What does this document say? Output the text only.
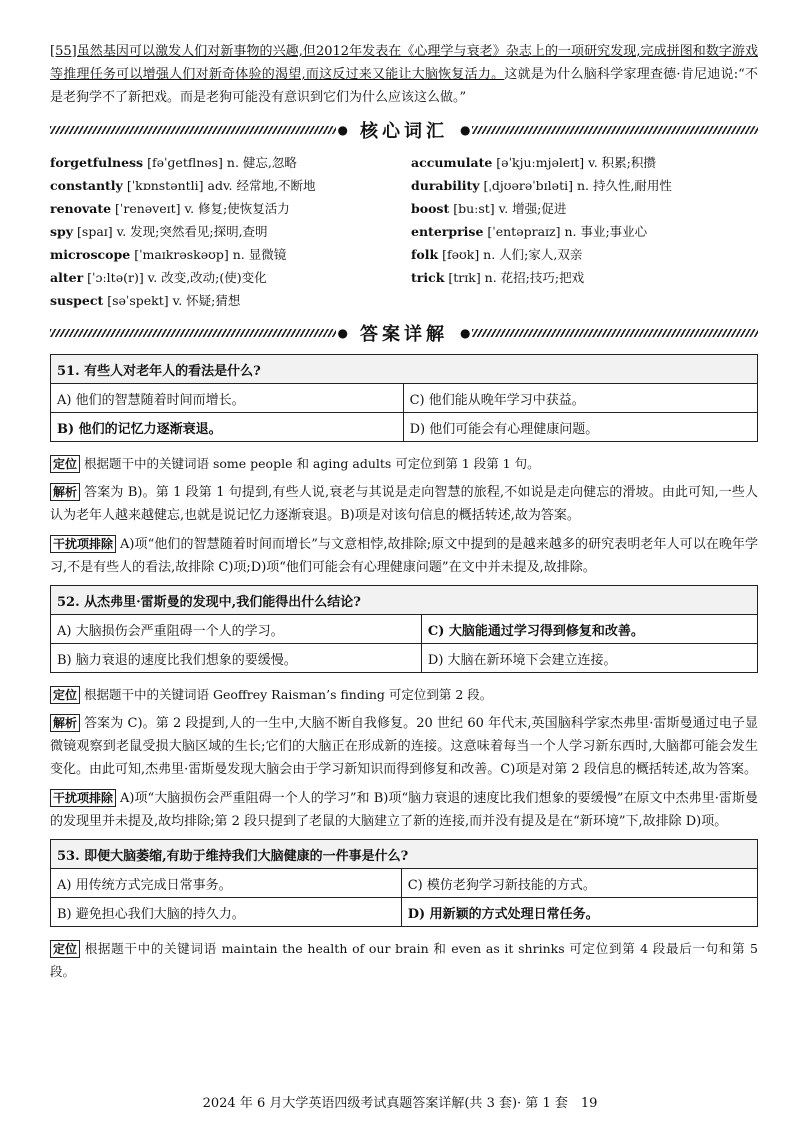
[55]虽然基因可以激发人们对新事物的兴趣,但2012年发表在《心理学与衰老》杂志上的一项研究发现,完成拼图和数字游戏等推理任务可以增强人们对新奇体验的渴望,而这反过来又能让大脑恢复活力。这就是为什么脑科学家理查德·肯尼迪说:“不是老狗学不了新把戏。而是老狗可能没有意识到它们为什么应该这么做。”

● 核心词汇	●
forgetfulness [fəˈɡetflnəs] n. 健忘,忽略
constantly [ˈkɒnstəntli] adv. 经常地,不断地
renovate [ˈrenəveɪt] v. 修复;使恢复活力
spy [spaɪ] v. 发现;突然看见;探明,查明
microscope [ˈmaɪkrəskəʊp] n. 显微镜
alter [ˈɔːltə(r)] v. 改变,改动;(使)变化
suspect [səˈspekt] v. 怀疑;猜想
accumulate [əˈkjuːmjəleɪt] v. 积累;积攒
durability [ˌdjʊərəˈbɪləti] n. 持久性,耐用性
boost [buːst] v. 增强;促进
enterprise [ˈentəpraɪz] n. 事业;事业心
folk [fəʊk] n. 人们;家人,双亲
trick [trɪk] n. 花招;技巧;把戏
● 答案详解	●
51. 有些人对老年人的看法是什么?	
A) 他们的智慧随着时间而增长。	C) 他们能从晚年学习中获益。
B) 他们的记忆力逐渐衰退。	D) 他们可能会有心理健康问题。

定位 根据题干中的关键词语 some people 和 aging adults 可定位到第 1 段第 1 句。

解析 答案为 B)。第 1 段第 1 句提到,有些人说,衰老与其说是走向智慧的旅程,不如说是走向健忘的滑坡。由此可知,一些人认为老年人越来越健忘,也就是说记忆力逐渐衰退。B)项是对该句信息的概括转述,故为答案。

干扰项排除 A)项“他们的智慧随着时间而增长”与文意相悖,故排除;原文中提到的是越来越多的研究表明老年人可以在晚年学习,不是有些人的看法,故排除 C)项;D)项“他们可能会有心理健康问题”在文中并未提及,故排除。

52. 从杰弗里·雷斯曼的发现中,我们能得出什么结论?	
A) 大脑损伤会严重阻碍一个人的学习。	C) 大脑能通过学习得到修复和改善。
B) 脑力衰退的速度比我们想象的要缓慢。	D) 大脑在新环境下会建立连接。

定位 根据题干中的关键词语 Geoffrey Raisman’s finding 可定位到第 2 段。

解析 答案为 C)。第 2 段提到,人的一生中,大脑不断自我修复。20 世纪 60 年代末,英国脑科学家杰弗里·雷斯曼通过电子显微镜观察到老鼠受损大脑区域的生长;它们的大脑正在形成新的连接。这意味着每当一个人学习新东西时,大脑都可能会发生变化。由此可知,杰弗里·雷斯曼发现大脑会由于学习新知识而得到修复和改善。C)项是对第 2 段信息的概括转述,故为答案。

干扰项排除 A)项“大脑损伤会严重阻碍一个人的学习”和 B)项“脑力衰退的速度比我们想象的要缓慢”在原文中杰弗里·雷斯曼的发现里并未提及,故均排除;第 2 段只提到了老鼠的大脑建立了新的连接,而并没有提及是在“新环境”下,故排除 D)项。

53. 即便大脑萎缩,有助于维持我们大脑健康的一件事是什么?	
A) 用传统方式完成日常事务。	C) 模仿老狗学习新技能的方式。
B) 避免担心我们大脑的持久力。	D) 用新颖的方式处理日常任务。

定位 根据题干中的关键词语 maintain the health of our brain 和 even as it shrinks 可定位到第 4 段最后一句和第 5 段。

2024 年 6 月大学英语四级考试真题答案详解(共 3 套)· 第 1 套　19
